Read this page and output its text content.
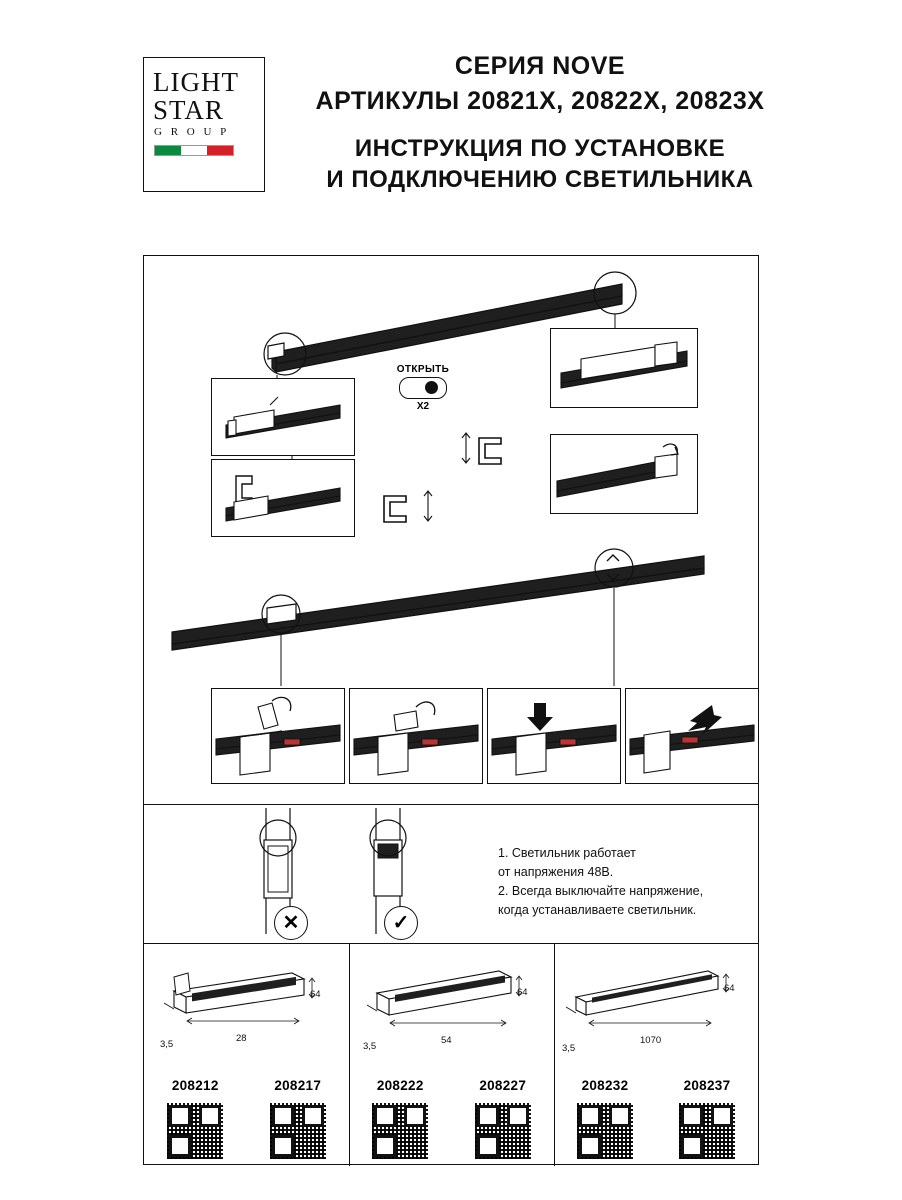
LIGHT
STAR
G R O U P
СЕРИЯ NOVE
АРТИКУЛЫ 20821X, 20822X, 20823X
ИНСТРУКЦИЯ ПО УСТАНОВКЕ
И ПОДКЛЮЧЕНИЮ СВЕТИЛЬНИКА
ОТКРЫТЬ
X2
✕	✓
1. Светильник работает
от напряжения 48B.
2. Всегда выключайте напряжение,
когда устанавливаете светильник.
64
28
3,5
208212	208217
64
54
3,5
208222	208227
64
1070
3,5
208232	208237
